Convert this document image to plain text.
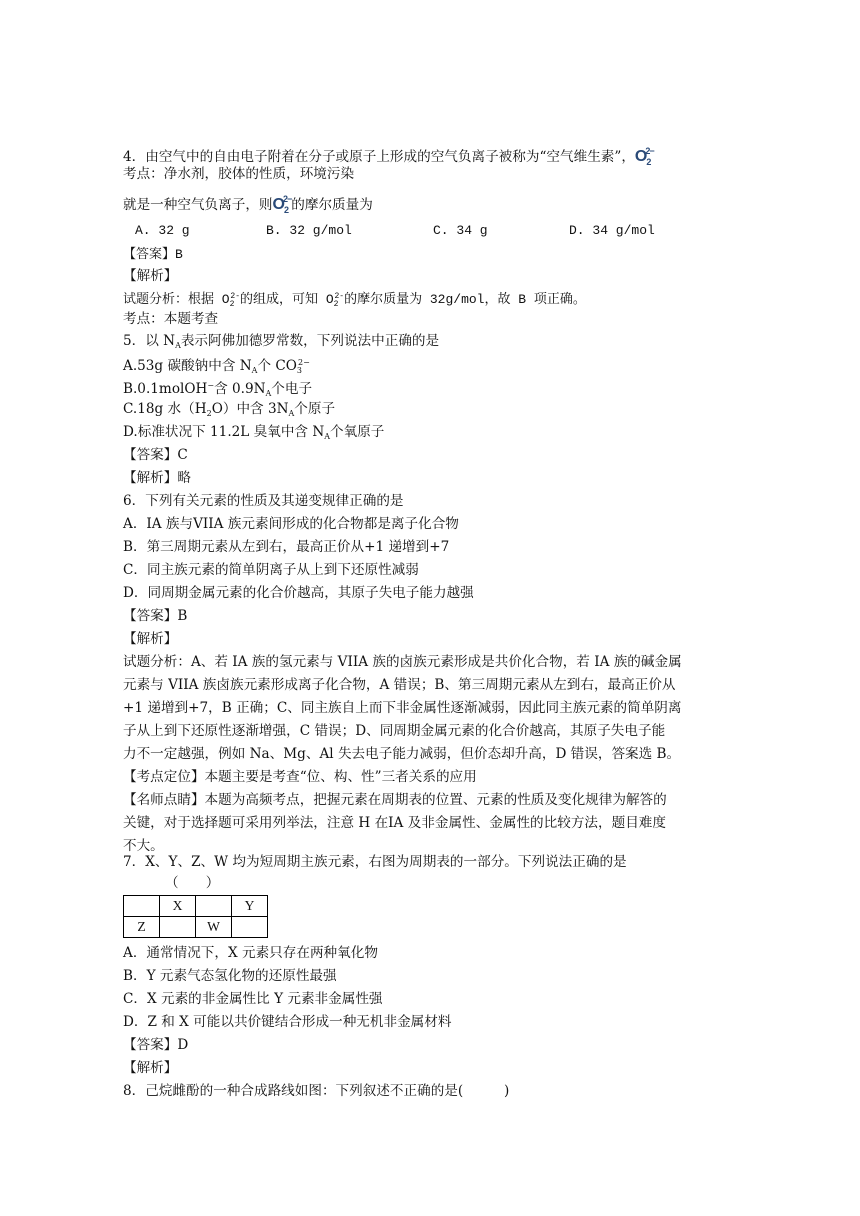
考点：净水剂，胶体的性质，环境污染
4．由空气中的自由电子附着在分子或原子上形成的空气负离子被称为“空气维生素”，$O_2^{2-}$
就是一种空气负离子，则$O_2^{2-}$的摩尔质量为
A. 32 g	B. 32 g/mol	C. 34 g	D. 34 g/mol
【答案】B
【解析】
试题分析：根据 $O_2^{2-}$的组成，可知 $O_2^{2-}$的摩尔质量为 32g/mol，故 B 项正确。
考点：本题考查
5．以 $N_A$表示阿佛加德罗常数，下列说法中正确的是
A.53g 碳酸钠中含 $N_A$个 $CO_3^{2-}$
B.0.1molOH−含 $0.9N_A$个电子
C.18g 水$(H_2O)$中含 $3N_A$个原子
D.标准状况下 11.2L 臭氧中含 $N_A$个氧原子
【答案】C
【解析】略
6．下列有关元素的性质及其递变规律正确的是
A．IA 族与VIIA 族元素间形成的化合物都是离子化合物
B．第三周期元素从左到右，最高正价从+1 递增到+7
C．同主族元素的简单阴离子从上到下还原性减弱
D．同周期金属元素的化合价越高，其原子失电子能力越强
【答案】B
【解析】
试题分析：A、若 IA 族的氢元素与 VIIA 族的卤族元素形成是共价化合物，若 IA 族的碱金属
元素与 VIIA 族卤族元素形成离子化合物，A 错误；B、第三周期元素从左到右，最高正价从
+1 递增到+7，B 正确；C、同主族自上而下非金属性逐渐减弱，因此同主族元素的简单阴离
子从上到下还原性逐渐增强，C 错误；D、同周期金属元素的化合价越高，其原子失电子能
力不一定越强，例如 Na、Mg、Al 失去电子能力减弱，但价态却升高，D 错误，答案选 B。
【考点定位】本题主要是考查“位、构、性”三者关系的应用
【名师点睛】本题为高频考点，把握元素在周期表的位置、元素的性质及变化规律为解答的
关键，对于选择题可采用列举法，注意 H 在ⅠA 及非金属性、金属性的比较方法，题目难度
不大。
7．X、Y、Z、W 均为短周期主族元素，右图为周期表的一部分。下列说法正确的是
（　　）
	X		Y
Z		W	
A．通常情况下，X 元素只存在两种氧化物
B．Y 元素气态氢化物的还原性最强
C．X 元素的非金属性比 Y 元素非金属性强
D．Z 和 X 可能以共价键结合形成一种无机非金属材料
【答案】D
【解析】
8．己烷雌酚的一种合成路线如图：下列叙述不正确的是(　　　)
